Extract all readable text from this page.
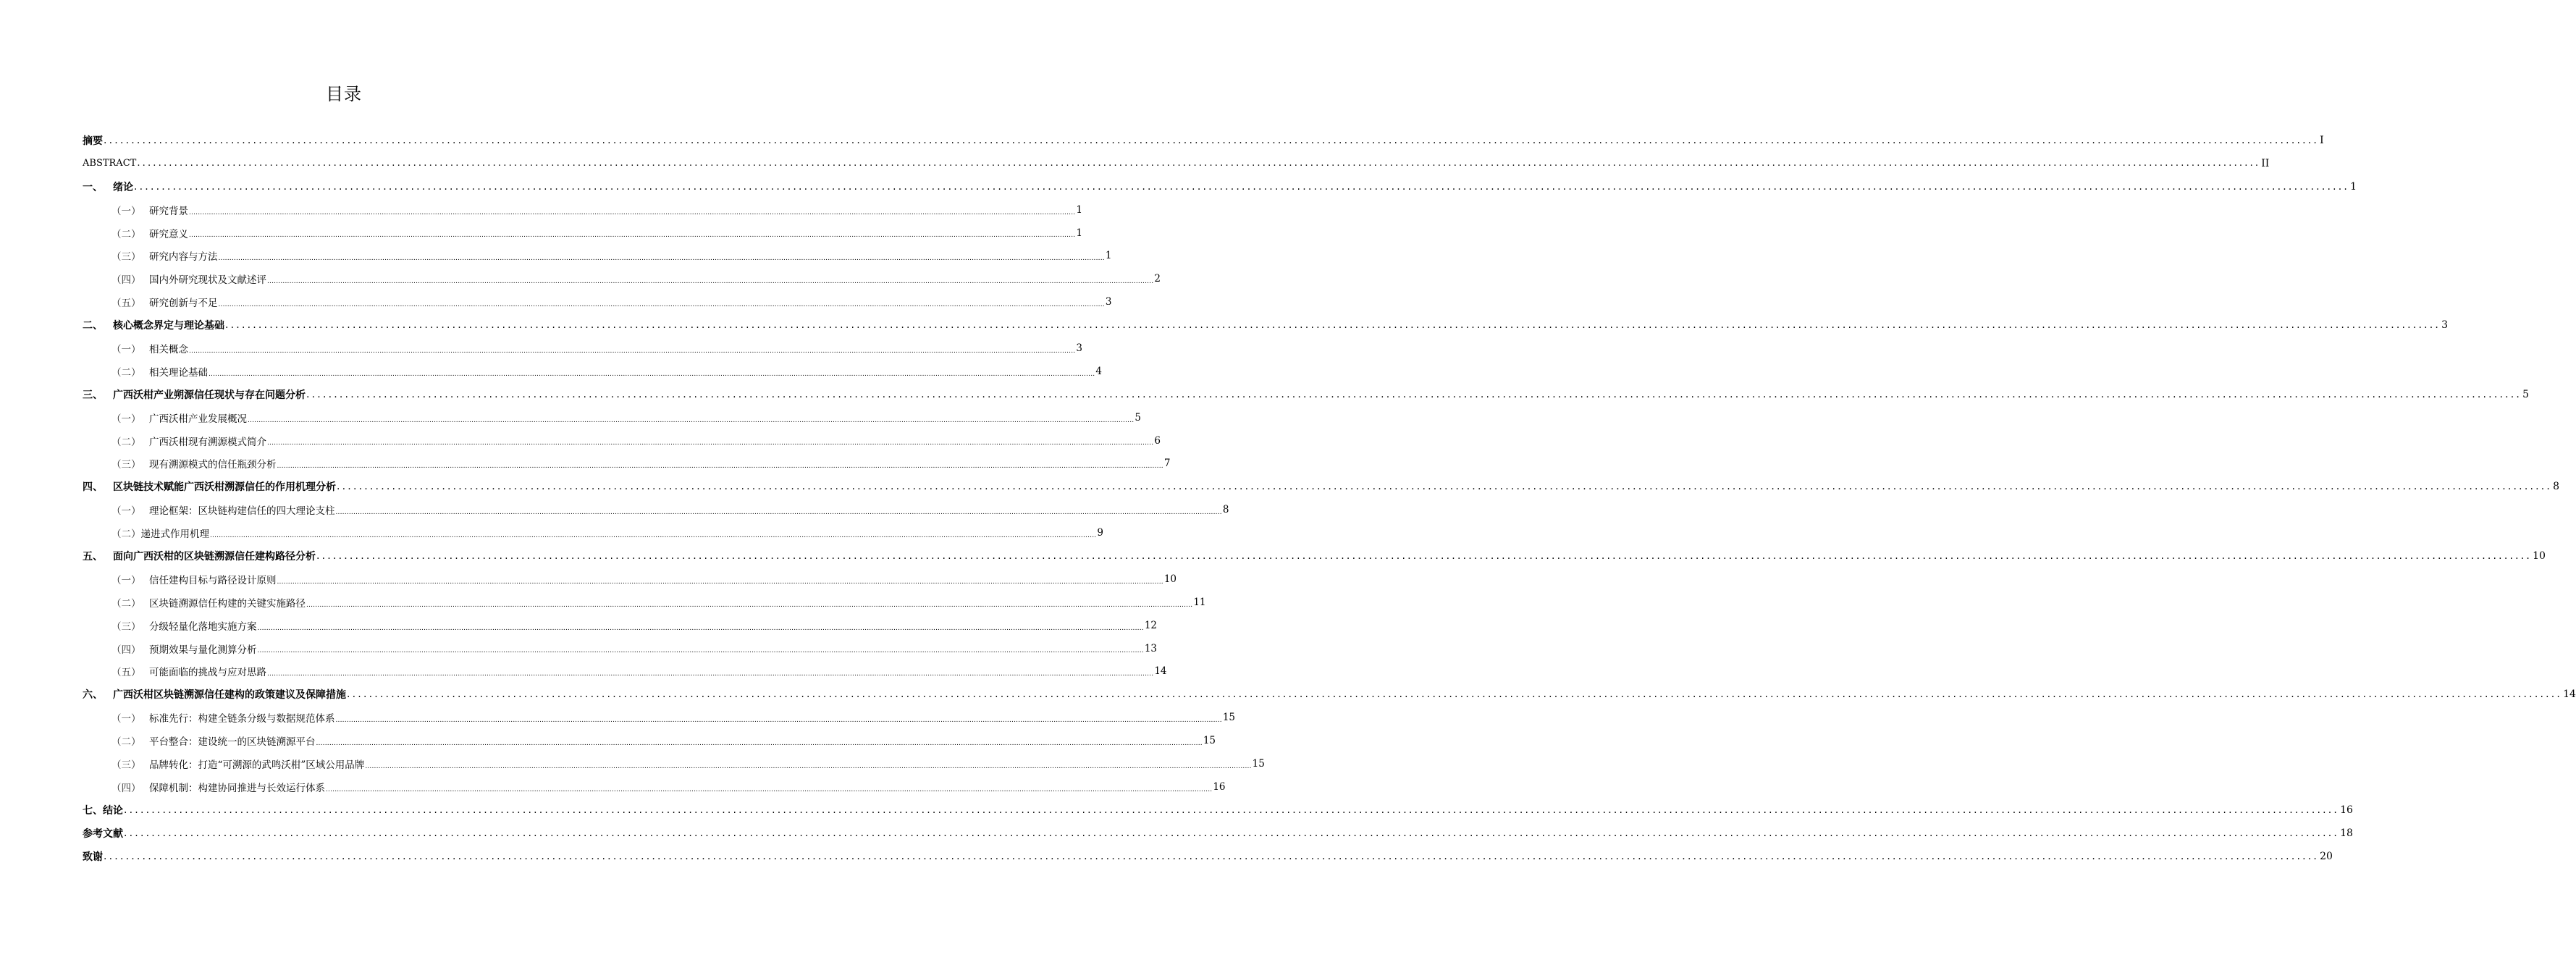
目录
摘要 ................................................................................................................................................................................................................................................................................................................................................................................................................ I
ABSTRACT ................................................................................................................................................................................................................................................................................................................................................................................................................ II
一、	绪论 ................................................................................................................................................................................................................................................................................................................................................................................................................ 1
（一） 研究背景 ................................................................................................................................................................................................................................................................................................................................................................................................................ 1
（二） 研究意义 ................................................................................................................................................................................................................................................................................................................................................................................................................ 1
（三） 研究内容与方法 ................................................................................................................................................................................................................................................................................................................................................................................................................ 1
（四） 国内外研究现状及文献述评 ................................................................................................................................................................................................................................................................................................................................................................................................................ 2
（五） 研究创新与不足 ................................................................................................................................................................................................................................................................................................................................................................................................................ 3
二、	核心概念界定与理论基础 ................................................................................................................................................................................................................................................................................................................................................................................................................ 3
（一） 相关概念 ................................................................................................................................................................................................................................................................................................................................................................................................................ 3
（二） 相关理论基础 ................................................................................................................................................................................................................................................................................................................................................................................................................ 4
三、	广西沃柑产业朔源信任现状与存在问题分析 ................................................................................................................................................................................................................................................................................................................................................................................................................ 5
（一） 广西沃柑产业发展概况 ................................................................................................................................................................................................................................................................................................................................................................................................................ 5
（二） 广西沃柑现有溯源模式简介 ................................................................................................................................................................................................................................................................................................................................................................................................................ 6
（三） 现有溯源模式的信任瓶颈分析 ................................................................................................................................................................................................................................................................................................................................................................................................................ 7
四、	区块链技术赋能广西沃柑溯源信任的作用机理分析 ................................................................................................................................................................................................................................................................................................................................................................................................................ 8
（一） 理论框架：区块链构建信任的四大理论支柱 ................................................................................................................................................................................................................................................................................................................................................................................................................ 8
（二） 递进式作用机理 ................................................................................................................................................................................................................................................................................................................................................................................................................ 9
五、	面向广西沃柑的区块链溯源信任建构路径分析 ................................................................................................................................................................................................................................................................................................................................................................................................................ 10
（一） 信任建构目标与路径设计原则 ................................................................................................................................................................................................................................................................................................................................................................................................................ 10
（二） 区块链溯源信任构建的关键实施路径 ................................................................................................................................................................................................................................................................................................................................................................................................................ 11
（三） 分级轻量化落地实施方案 ................................................................................................................................................................................................................................................................................................................................................................................................................ 12
（四） 预期效果与量化测算分析 ................................................................................................................................................................................................................................................................................................................................................................................................................ 13
（五） 可能面临的挑战与应对思路 ................................................................................................................................................................................................................................................................................................................................................................................................................ 14
六、	广西沃柑区块链溯源信任建构的政策建议及保障措施 ................................................................................................................................................................................................................................................................................................................................................................................................................ 14
（一） 标准先行：构建全链条分级与数据规范体系 ................................................................................................................................................................................................................................................................................................................................................................................................................ 15
（二） 平台整合：建设统一的区块链溯源平台 ................................................................................................................................................................................................................................................................................................................................................................................................................ 15
（三） 品牌转化：打造“可溯源的武鸣沃柑”区域公用品牌 ................................................................................................................................................................................................................................................................................................................................................................................................................ 15
（四） 保障机制：构建协同推进与长效运行体系 ................................................................................................................................................................................................................................................................................................................................................................................................................ 16
七、结论 ................................................................................................................................................................................................................................................................................................................................................................................................................ 16
参考文献 ................................................................................................................................................................................................................................................................................................................................................................................................................ 18
致谢 ................................................................................................................................................................................................................................................................................................................................................................................................................ 20
